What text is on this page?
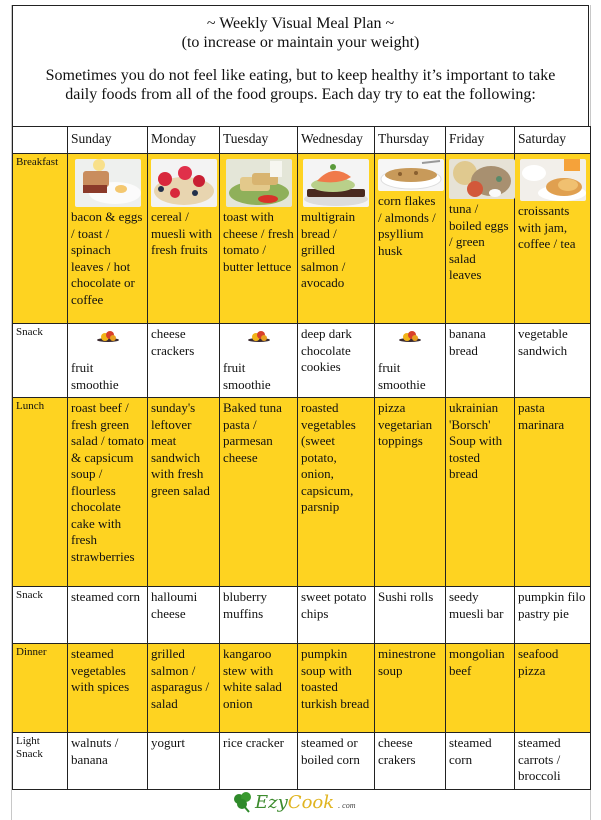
~ Weekly Visual Meal Plan ~
(to increase or maintain your weight)
Sometimes you do not feel like eating, but to keep healthy it’s important to take
daily foods from all of the food groups. Each day try to eat the following:
	Sunday	Monday	Tuesday	Wednesday	Thursday	Friday	Saturday
Breakfast	bacon & eggs / toast / spinach leaves / hot chocolate or coffee	cereal / muesli with fresh fruits	toast with cheese / fresh tomato / butter lettuce	multigrain bread / grilled salmon / avocado	corn flakes / almonds / psyllium husk	tuna / boiled eggs / green salad leaves	croissants with jam, coffee / tea
Snack	fruit smoothie	cheese crackers	fruit smoothie	deep dark chocolate cookies	fruit smoothie	banana bread	vegetable sandwich
Lunch	roast beef / fresh green salad / tomato & capsicum soup / flourless chocolate cake with fresh strawberries	sunday's leftover meat sandwich with fresh green salad	Baked tuna pasta / parmesan cheese	roasted vegetables (sweet potato, onion, capsicum, parsnip	pizza vegetarian toppings	ukrainian 'Borsch' Soup with tosted bread	pasta marinara
Snack	steamed corn	halloumi cheese	bluberry muffins	sweet potato chips	Sushi rolls	seedy muesli bar	pumpkin filo pastry pie
Dinner	steamed vegetables with spices	grilled salmon / asparagus / salad	kangaroo stew with white salad onion	pumpkin soup with toasted turkish bread	minestrone soup	mongolian beef	seafood pizza
Light Snack	walnuts / banana	yogurt	rice cracker	steamed or boiled corn	cheese crakers	steamed corn	steamed carrots / broccoli
Ezy Cook . com
